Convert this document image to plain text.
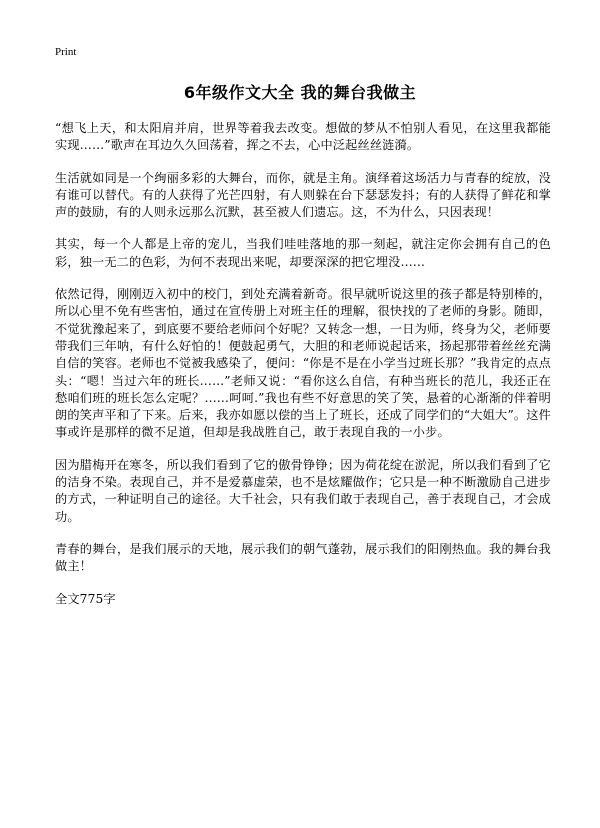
Print
6年级作文大全 我的舞台我做主

“想飞上天，和太阳肩并肩，世界等着我去改变。想做的梦从不怕别人看见，在这里我都能实现……”歌声在耳边久久回荡着，挥之不去，心中泛起丝丝涟漪。

生活就如同是一个绚丽多彩的大舞台，而你，就是主角。演绎着这场活力与青春的绽放，没有谁可以替代。有的人获得了光芒四射，有人则躲在台下瑟瑟发抖；有的人获得了鲜花和掌声的鼓励，有的人则永远那么沉默，甚至被人们遗忘。这，不为什么，只因表现！

其实，每一个人都是上帝的宠儿，当我们哇哇落地的那一刻起，就注定你会拥有自己的色彩，独一无二的色彩，为何不表现出来呢，却要深深的把它埋没……

依然记得，刚刚迈入初中的校门，到处充满着新奇。很早就听说这里的孩子都是特别棒的，所以心里不免有些害怕，通过在宣传册上对班主任的理解，很快找的了老师的身影。随即，不觉犹豫起来了，到底要不要给老师问个好呢？又转念一想，一日为师，终身为父，老师要带我们三年呐，有什么好怕的！便鼓起勇气，大胆的和老师说起话来，扬起那带着丝丝充满自信的笑容。老师也不觉被我感染了，便问：“你是不是在小学当过班长那？”我肯定的点点头：“嗯！当过六年的班长……”老师又说：“看你这么自信，有种当班长的范儿，我还正在愁咱们班的班长怎么定呢？……呵呵.”我也有些不好意思的笑了笑，悬着的心渐渐的伴着明朗的笑声平和了下来。后来，我亦如愿以偿的当上了班长，还成了同学们的“大姐大”。这件事或许是那样的微不足道，但却是我战胜自己，敢于表现自我的一小步。

因为腊梅开在寒冬，所以我们看到了它的傲骨铮铮；因为荷花绽在淤泥，所以我们看到了它的洁身不染。表现自己，并不是爱慕虚荣，也不是炫耀做作；它只是一种不断激励自己进步的方式，一种证明自己的途径。大千社会，只有我们敢于表现自己，善于表现自己，才会成功。

青春的舞台，是我们展示的天地，展示我们的朝气蓬勃，展示我们的阳刚热血。我的舞台我做主！

全文775字
